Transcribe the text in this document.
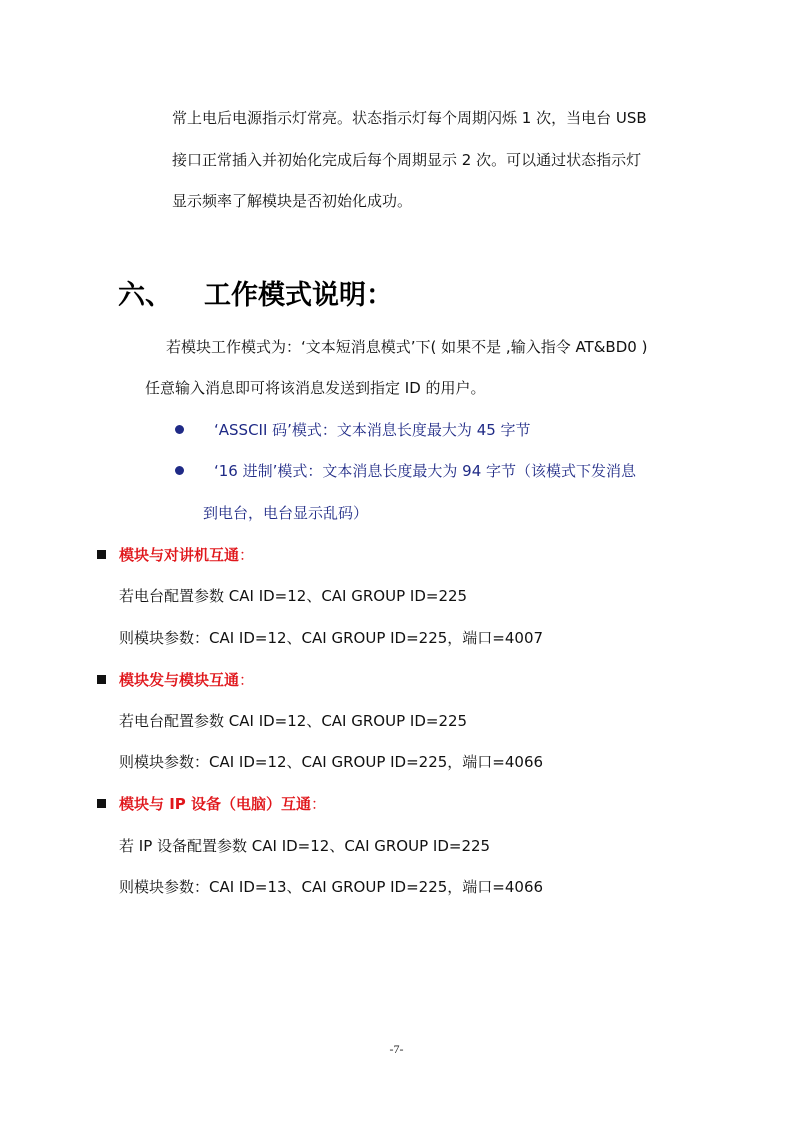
常上电后电源指示灯常亮。状态指示灯每个周期闪烁 1 次，当电台 USB
接口正常插入并初始化完成后每个周期显示 2 次。可以通过状态指示灯
显示频率了解模块是否初始化成功。
六、 工作模式说明：
若模块工作模式为：‘文本短消息模式’下( 如果不是 ,输入指令 AT&BD0 )
任意输入消息即可将该消息发送到指定 ID 的用户。
‘ASSCII 码’模式：文本消息长度最大为 45 字节
‘16 进制’模式：文本消息长度最大为 94 字节（该模式下发消息
到电台，电台显示乱码）
模块与对讲机互通：
若电台配置参数 CAI ID=12、CAI GROUP ID=225
则模块参数：CAI ID=12、CAI GROUP ID=225，端口=4007
模块发与模块互通：
若电台配置参数 CAI ID=12、CAI GROUP ID=225
则模块参数：CAI ID=12、CAI GROUP ID=225，端口=4066
模块与 IP 设备（电脑）互通：
若 IP 设备配置参数 CAI ID=12、CAI GROUP ID=225
则模块参数：CAI ID=13、CAI GROUP ID=225，端口=4066
-7-
